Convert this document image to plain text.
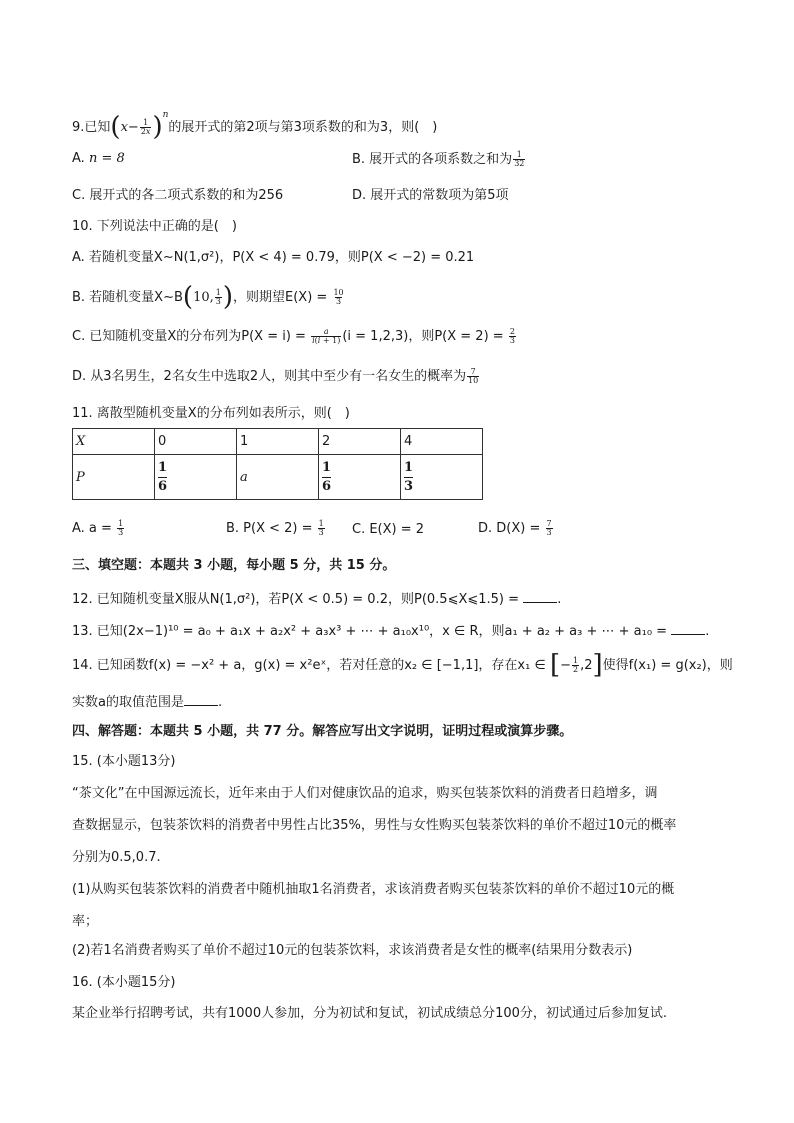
9.已知$(x- \frac{1}{2x} )^n$的展开式的第2项与第3项系数的和为3，则(　)
A. n = 8	B. 展开式的各项系数之和为 $\frac{1}{32}$
C. 展开式的各二项式系数的和为256	D. 展开式的常数项为第5项
10. 下列说法中正确的是(　)
A. 若随机变量X∼N(1,σ²)，P(X < 4) = 0.79，则P(X < −2) = 0.21
B. 若随机变量X∼B(10, $\frac{1}{3}$ )，则期望$E(X) = \frac{10}{3}$
C. 已知随机变量X的分布列为$P(X = i) = \frac{a}{i(i + 1)} (i = 1,2,3)$，则$P(X = 2) = \frac{2}{3}$
D. 从3名男生，2名女生中选取2人，则其中至少有一名女生的概率为 $\frac{7}{10}$
11. 离散型随机变量X的分布列如表所示，则(　)
X	0	1	2	4
P	$\frac{1}{6}$	a	$\frac{1}{6}$	$\frac{1}{3}$
A. $a = \frac{1}{3}$	B. $P(X < 2) = \frac{1}{3} C$. E(X) = 2	D. $D(X) = \frac{7}{3}$
三、填空题：本题共 3 小题，每小题 5 分，共 15 分。
12. 已知随机变量X服从N(1,σ²)，若P(X < 0.5) = 0.2，则P(0.5⩽X⩽1.5) =	.
13. 已知(2x−1)¹⁰ = a₀ + a₁x + a₂x² + a₃x³ + ⋯ + a₁₀x¹⁰，x ∈ R，则a₁ + a₂ + a₃ + ⋯ + a₁₀ =	.
14. 已知函数f(x) = −x² + a，g(x) = x²eˣ，若对任意的x₂ ∈ [−1,1]，存在x₁ ∈ [− $\frac{1}{2} ,2$]使得f(x₁) = g(x₂)，则
实数a的取值范围是	.
四、解答题：本题共 5 小题，共 77 分。解答应写出文字说明，证明过程或演算步骤。
15. (本小题13分)
“茶文化”在中国源远流长，近年来由于人们对健康饮品的追求，购买包装茶饮料的消费者日趋增多，调
查数据显示，包装茶饮料的消费者中男性占比35%，男性与女性购买包装茶饮料的单价不超过10元的概率
分别为0.5,0.7.
(1)从购买包装茶饮料的消费者中随机抽取1名消费者，求该消费者购买包装茶饮料的单价不超过10元的概
率；
(2)若1名消费者购买了单价不超过10元的包装茶饮料，求该消费者是女性的概率(结果用分数表示)
16. (本小题15分)
某企业举行招聘考试，共有1000人参加，分为初试和复试，初试成绩总分100分，初试通过后参加复试.
